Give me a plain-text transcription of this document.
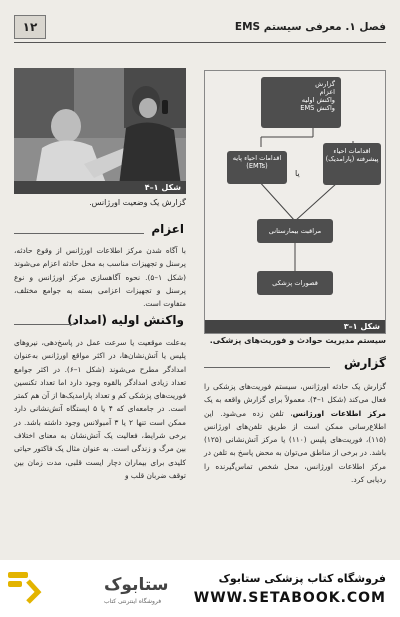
۱۲	فصل ۱. معرفی سیستم EMS
شکل ۱–۴
گزارش یک وضعیت اورژانس.
اعزام
با آگاه شدن مرکز اطلاعات اورژانس از وقوع حادثه، پرسنل و تجهیزات مناسب به محل حادثه اعزام می‌شوند (شکل ۱–۵). نحوه آگاهسازی مرکز اورژانس و نوع پرسنل و تجهیزات اعزامی بسته به جوامع مختلف، متفاوت است.
واکنش اولیه (امداد)
به‌علت موقعیت یا سرعت عمل در پاسخ‌دهی، نیروهای پلیس یا آتش‌نشان‌ها، در اکثر مواقع اورژانس به‌عنوان امدادگر مطرح می‌شوند (شکل ۱–۶). در اکثر جوامع تعداد زیادی امدادگر بالقوه وجود دارد اما تعداد تکنسین فوریت‌های پزشکی کم و تعداد پارامدیک‌ها از آن هم کمتر است. در جامعه‌ای که ۴ یا ۵ ایستگاه آتش‌نشانی دارد ممکن است تنها ۲ یا ۳ آمبولانس وجود داشته باشد. در برخی شرایط، فعالیت یک آتش‌نشان به معنای اختلاف بین مرگ و زندگی است. به عنوان مثال یک فاکتور حیاتی کلیدی برای بیماران دچار ایست قلبی، مدت زمان بین توقف ضربان قلب و
گزارش
اعزام
واکنش اولیه
واکنش EMS
اقدامات احیاء پیشرفته (پارامدیک)
یا
اقدامات احیاء پایه (EMTs)
مراقبت بیمارستانی
قصورات پزشکی
شکل ۱–۳
سیستم مدیریت حوادث و فوریت‌های پزشکی.
گزارش
گزارش یک حادثه اورژانس، سیستم فوریت‌های پزشکی را فعال می‌کند (شکل ۱–۴). معمولاً برای گزارش واقعه به یک مرکز اطلاعات اورژانس، تلفن زده می‌شود. این اطلاع‌رسانی ممکن است از طریق تلفن‌های اورژانس (۱۱۵)، فوریت‌های پلیس (۱۱۰) یا مرکز آتش‌نشانی (۱۲۵) باشد. در برخی از مناطق می‌توان به محض پاسخ به تلفن در مرکز اطلاعات اورژانس، محل شخص تماس‌گیرنده را ردیابی کرد.
ستابوک
فروشگاه اینترنتی کتاب
فروشگاه کتاب پزشکی ستابوک
WWW.SETABOOK.COM
